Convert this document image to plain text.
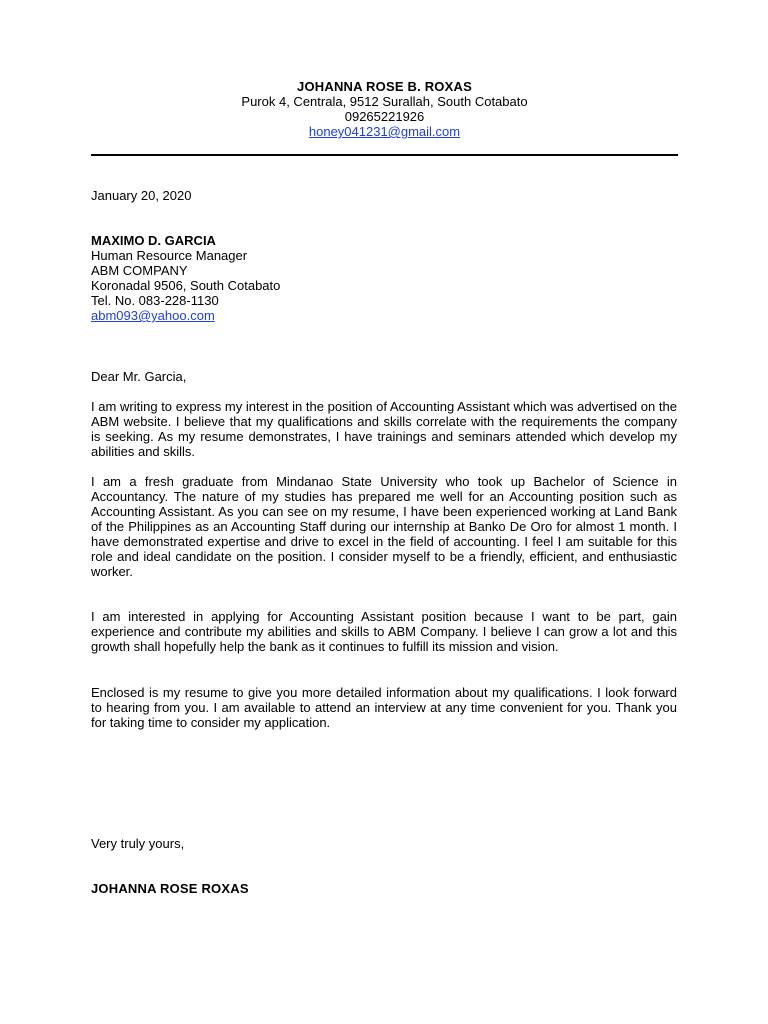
JOHANNA ROSE B. ROXAS
Purok 4, Centrala, 9512 Surallah, South Cotabato
09265221926
honey041231@gmail.com
January 20, 2020
MAXIMO D. GARCIA
Human Resource Manager
ABM COMPANY
Koronadal 9506, South Cotabato
Tel. No. 083-228-1130
abm093@yahoo.com
Dear Mr. Garcia,
I am writing to express my interest in the position of Accounting Assistant which was advertised on the ABM website. I believe that my qualifications and skills correlate with the requirements the company is seeking. As my resume demonstrates, I have trainings and seminars attended which develop my abilities and skills.
I am a fresh graduate from Mindanao State University who took up Bachelor of Science in Accountancy. The nature of my studies has prepared me well for an Accounting position such as Accounting Assistant. As you can see on my resume, I have been experienced working at Land Bank of the Philippines as an Accounting Staff during our internship at Banko De Oro for almost 1 month. I have demonstrated expertise and drive to excel in the field of accounting. I feel I am suitable for this role and ideal candidate on the position. I consider myself to be a friendly, efficient, and enthusiastic worker.
I am interested in applying for Accounting Assistant position because I want to be part, gain experience and contribute my abilities and skills to ABM Company. I believe I can grow a lot and this growth shall hopefully help the bank as it continues to fulfill its mission and vision.
Enclosed is my resume to give you more detailed information about my qualifications. I look forward to hearing from you. I am available to attend an interview at any time convenient for you. Thank you for taking time to consider my application.
Very truly yours,
JOHANNA ROSE ROXAS
